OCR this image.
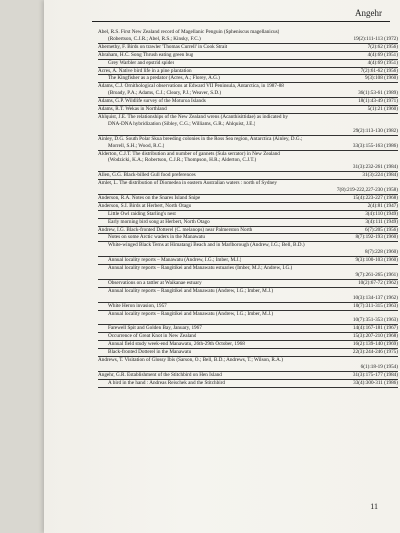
Angehr
Abel, R.S. First New Zealand record of Magellanic Penguin (Spheniscus magellanicus)
(Robertson, C.J.R.; Abel, R.S.; Kinsky, F.C.)	19(2):111-113 (1972)
Abernethy, F. Birds on trawler 'Thomas Currell' in Cook Strait	7(2):62 (1956)
Abraham, H.C. Song Thrush eating green bug	4(4):69 (1951)
Grey Warbler and epstrid spider	4(4):69 (1951)
Acres, A. Native bird life in a pine plantation	7(2):61-62 (1956)
The Kingfisher as a predator (Acres, A.; Florey, A.G.)	9(3):108 (1960)
Adams, C.J. Ornithological observations at Edward VII Peninsula, Antarctica, in 1987-88
(Broady, P.A.; Adams, C.J.; Cleary, P.J.; Weaver, S.D.)	36(1):53-61 (1989)
Adams, G.P. Wildlife survey of the Moturoa Islands	18(1):43-49 (1971)
Adams, R.T. Wekas in Northland	5(1):21 (1960)
Ahlquist, J.E. The relationships of the New Zealand wrens (Acanthisittidae) as indicated by
DNA-DNA hybridization (Sibley, C.G.; Williams, G.R.; Ahlquist, J.E.)
29(2):113-130 (1982)
Ainley, D.G. South Polar Skua breeding colonies in the Ross Sea region, Antarctica (Ainley, D.G.;
Morrell, S.H.; Wood, R.C.)	33(3):155-163 (1986)
Alderton, C.J.T. The distribution and number of gannets (Sula serrator) in New Zealand
(Wodzicki, K.A.; Robertson, C.J.R.; Thompson, H.R.; Alderton, C.J.T.)
31(3):232-261 (1984)
Allen, G.G. Black-billed Gull food preferences	31(3):224 (1984)
Amlet, L. The distribution of Diomedea in eastern Australian waters : north of Sydney
7(8):219-222,227-230 (1958)
Anderson, R.A. Notes on the Snares Island Snipe	15(4):223-227 (1968)
Anderson, S.I. Birds at Herbert, North Otago	2(4):81 (1947)
Little Owl raiding Starling's nest	3(4):110 (1949)
Early morning bird song at Herbert, North Otago	3(4):111 (1949)
Andrew, I.G. Black-fronted Dotterel (C. melanops) near Palmerston North	6(7):205 (1956)
Notes on some Arctic waders in the Manawatu	8(7):192-193 (1960)
White-winged Black Terns at Himatangi Beach and in Marlborough (Andrew, I.G.; Bell, B.D.)
8(7):228 (1960)
Annual locality reports – Manawatu (Andrew, I.G.; Imber, M.J.)	9(3):100-103 (1960)
Annual locality reports – Rangitikei and Manawatu estuaries (Imber, M.J.; Andrew, I.G.)
9(7):261-265 (1961)
Observations on a tattler at Waikanae estuary	10(2):67-72 (1962)
Annual locality reports – Rangitikei and Manawatu (Andrew, I.G.; Imber, M.J.)
10(3):134-137 (1962)
White Heron invasion, 1957	10(7):311-315 (1963)
Annual locality reports – Rangitikei and Manawatu (Andrew, I.G.; Imber, M.J.)
10(7):351-353 (1963)
Farewell Spit and Golden Bay, January, 1967	14(4):167-181 (1967)
Occurrence of Great Knot in New Zealand	15(3):207-210 (1968)
Annual field study week-end Manawatu, 26th-29th October, 1968	16(2):139-140 (1969)
Black-fronted Dotterel in the Manawatu	22(3):244-246 (1975)
Andrews, T. Visitation of Glossy Ibis (Sarson, O.; Bell, B.D.; Andrews, T.; Wilson, R.A.)
6(1):18-19 (1954)
Angehr, G.R. Establishment of the Stitchbird on Hen Island	31(3):175-177 (1984)
A bird in the hand : Andreas Reischek and the Stitchbird	33(4):300-311 (1986)
11
